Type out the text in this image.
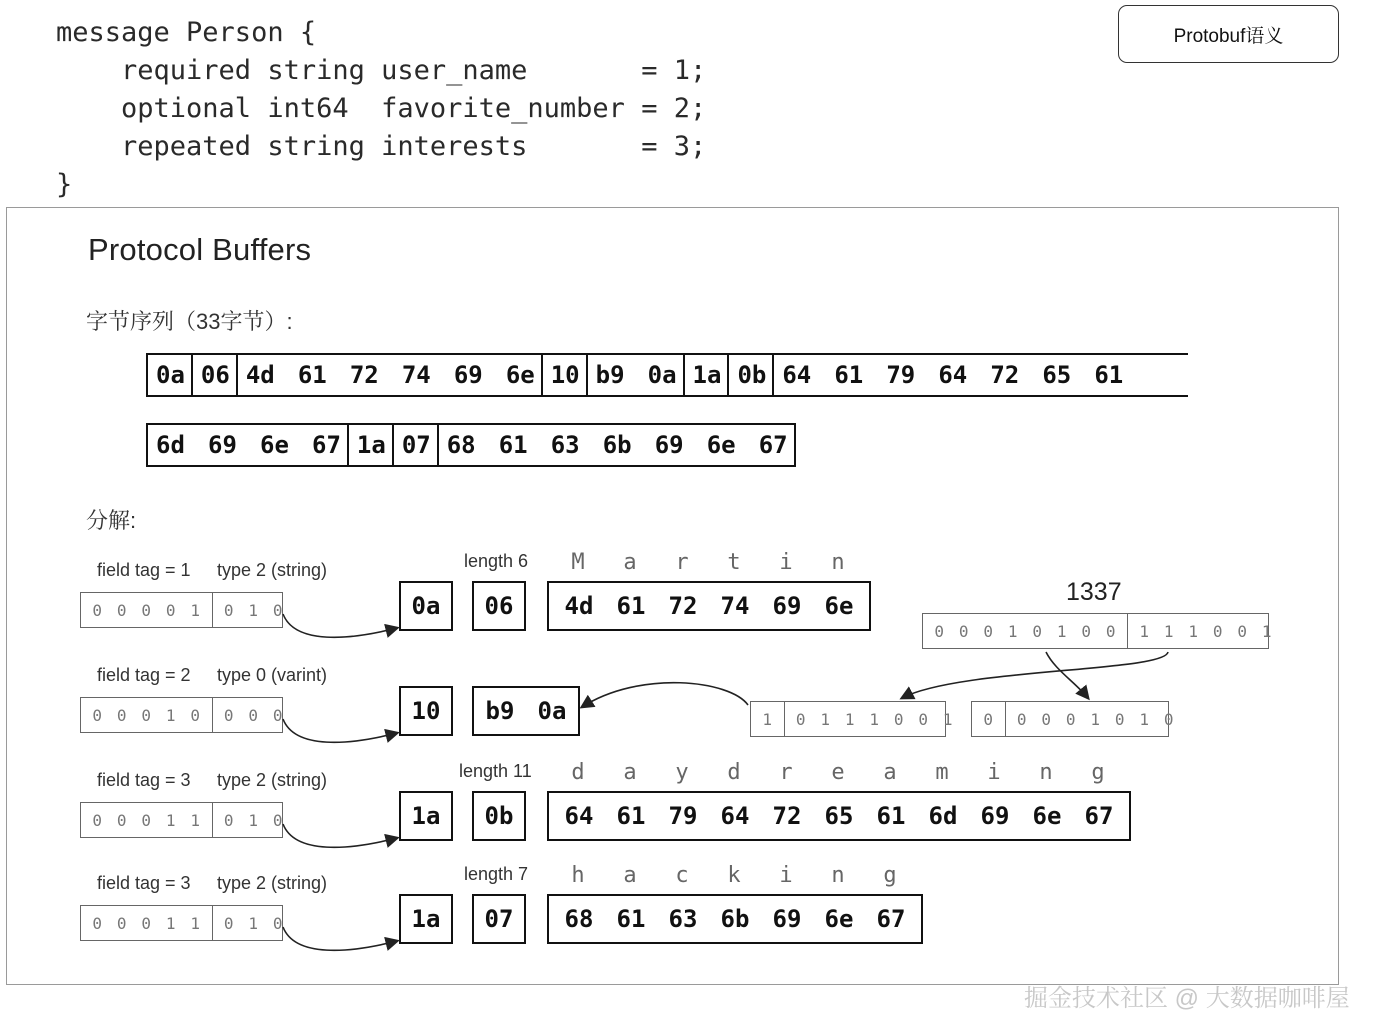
message Person {
required string user_name       = 1;
optional int64  favorite_number = 2;
repeated string interests       = 3;
}
Protobuf语义
Protocol Buffers
字节序列（33字节）:
0a 06 4d 61 72 74 69 6e 10 b9 0a 1a 0b 64 61 79 64 72 65 61
6d 69 6e 67 1a 07 68 61 63 6b 69 6e 67
分解:
field tag = 1 type 2 (string)
0 0 0 0 1	0 1 0	0a
length 6
06
M	a	r	t	i	n
4d 61 72 74 69 6e
field tag = 2 type 0 (varint)
0 0 0 1 0	0 0 0	10	b9 0a
field tag = 3 type 2 (string)
0 0 0 1 1	0 1 0	1a
length 11
0b
d	a	y	d	r	e	a	m	i	n	g
64 61 79 64 72 65 61 6d 69 6e 67
field tag = 3 type 2 (string)
0 0 0 1 1	0 1 0	1a
length 7
07
h	a	c	k	i	n	g
68 61 63 6b 69 6e 67
1337
0 0 0 1 0 1 0 0	1 1 1 0 0 1
1	0 1 1 1 0 0 1	0	0 0 0 1 0 1 0
掘金技术社区 @ 大数据咖啡屋
